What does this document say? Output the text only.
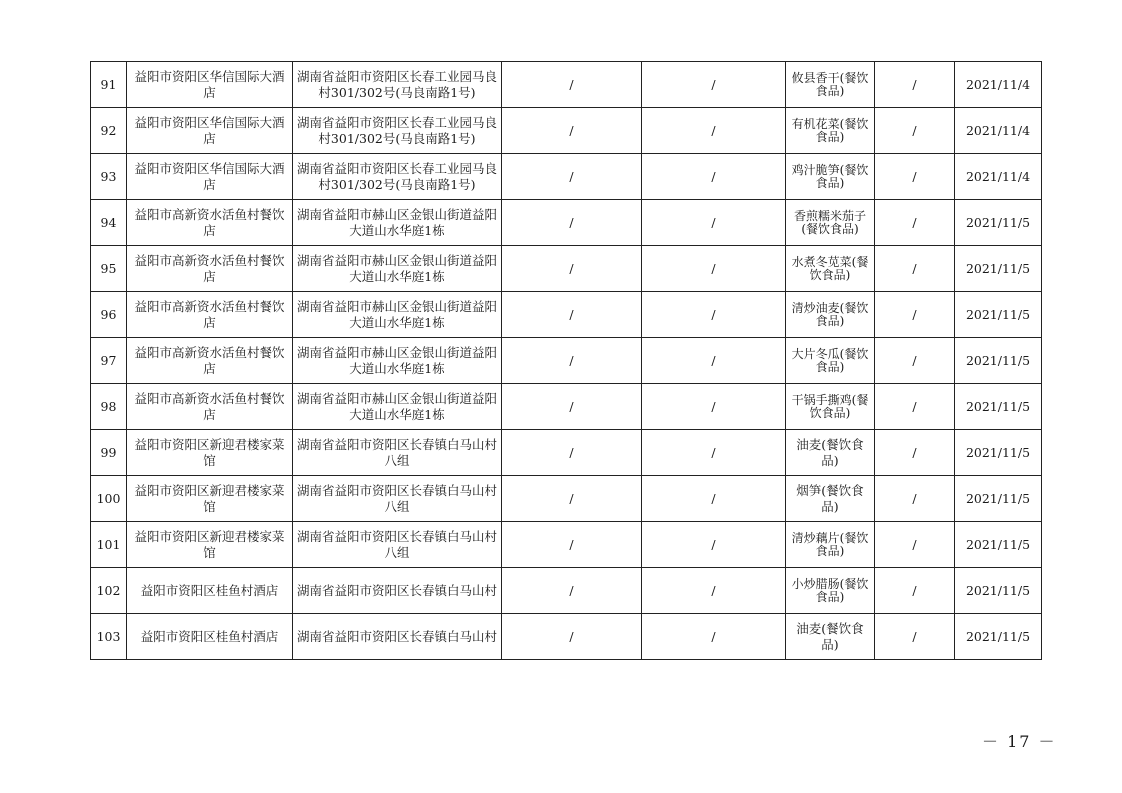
91	益阳市资阳区华信国际大酒店	湖南省益阳市资阳区长春工业园马良村301/302号(马良南路1号)	/	/	攸县香干(餐饮食品)	/	2021/11/4
92	益阳市资阳区华信国际大酒店	湖南省益阳市资阳区长春工业园马良村301/302号(马良南路1号)	/	/	有机花菜(餐饮食品)	/	2021/11/4
93	益阳市资阳区华信国际大酒店	湖南省益阳市资阳区长春工业园马良村301/302号(马良南路1号)	/	/	鸡汁脆笋(餐饮食品)	/	2021/11/4
94	益阳市高新资水活鱼村餐饮店	湖南省益阳市赫山区金银山街道益阳大道山水华庭1栋	/	/	香煎糯米茄子(餐饮食品)	/	2021/11/5
95	益阳市高新资水活鱼村餐饮店	湖南省益阳市赫山区金银山街道益阳大道山水华庭1栋	/	/	水煮冬苋菜(餐饮食品)	/	2021/11/5
96	益阳市高新资水活鱼村餐饮店	湖南省益阳市赫山区金银山街道益阳大道山水华庭1栋	/	/	清炒油麦(餐饮食品)	/	2021/11/5
97	益阳市高新资水活鱼村餐饮店	湖南省益阳市赫山区金银山街道益阳大道山水华庭1栋	/	/	大片冬瓜(餐饮食品)	/	2021/11/5
98	益阳市高新资水活鱼村餐饮店	湖南省益阳市赫山区金银山街道益阳大道山水华庭1栋	/	/	干锅手撕鸡(餐饮食品)	/	2021/11/5
99	益阳市资阳区新迎君楼家菜馆	湖南省益阳市资阳区长春镇白马山村八组	/	/	油麦(餐饮食品)	/	2021/11/5
100	益阳市资阳区新迎君楼家菜馆	湖南省益阳市资阳区长春镇白马山村八组	/	/	烟笋(餐饮食品)	/	2021/11/5
101	益阳市资阳区新迎君楼家菜馆	湖南省益阳市资阳区长春镇白马山村八组	/	/	清炒藕片(餐饮食品)	/	2021/11/5
102	益阳市资阳区桂鱼村酒店	湖南省益阳市资阳区长春镇白马山村	/	/	小炒腊肠(餐饮食品)	/	2021/11/5
103	益阳市资阳区桂鱼村酒店	湖南省益阳市资阳区长春镇白马山村	/	/	油麦(餐饮食品)	/	2021/11/5
－ 17 －
